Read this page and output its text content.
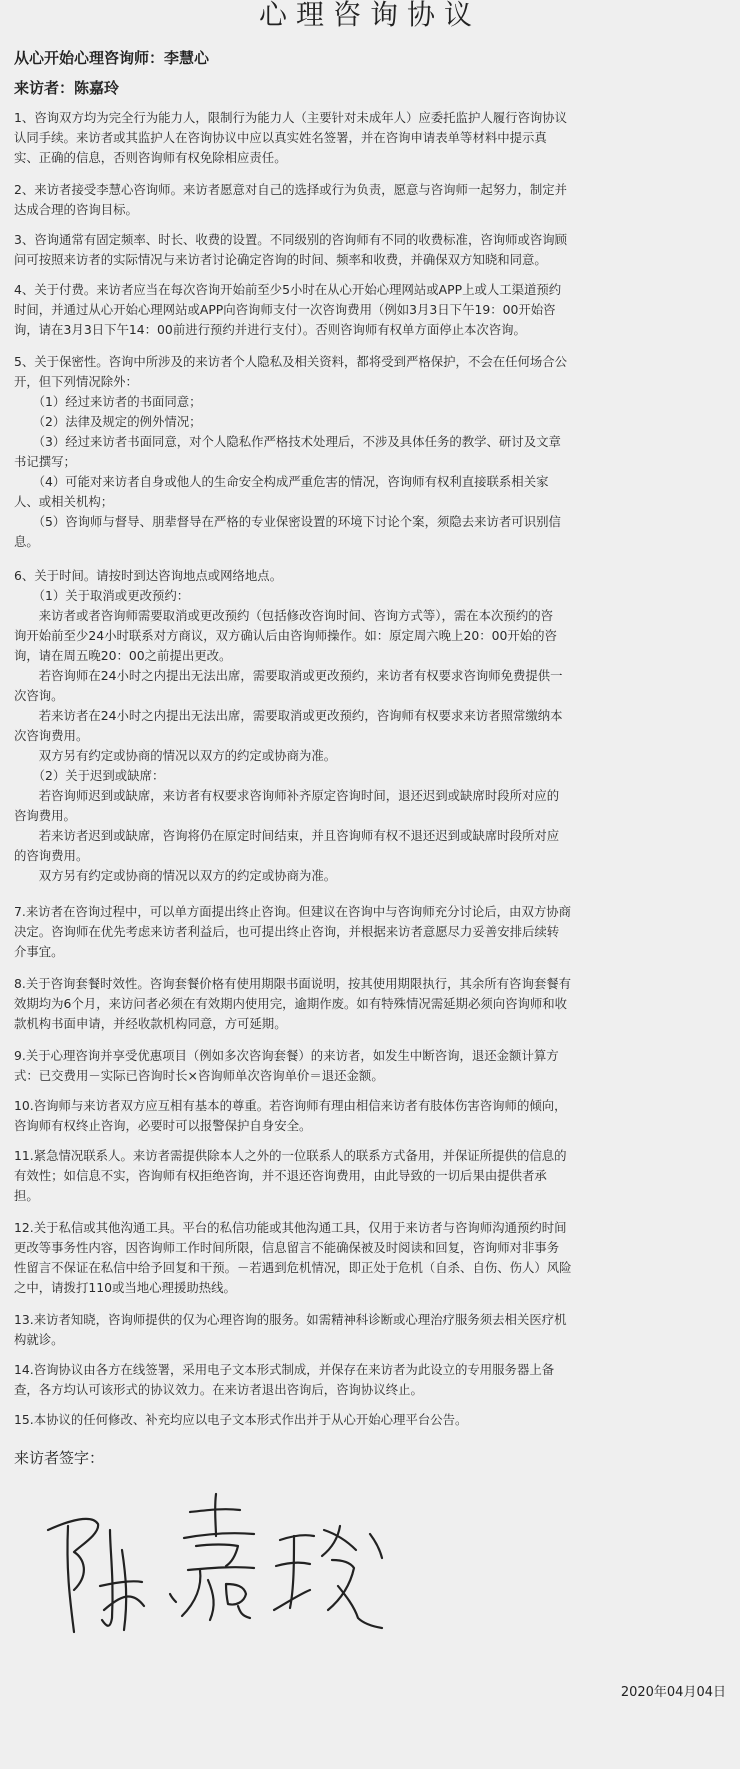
心理咨询协议
从心开始心理咨询师：李慧心
来访者：陈嘉玲
1、咨询双方均为完全行为能力人，限制行为能力人（主要针对未成年人）应委托监护人履行咨询协议
认同手续。来访者或其监护人在咨询协议中应以真实姓名签署，并在咨询申请表单等材料中提示真
实、正确的信息，否则咨询师有权免除相应责任。
2、来访者接受李慧心咨询师。来访者愿意对自己的选择或行为负责，愿意与咨询师一起努力，制定并
达成合理的咨询目标。
3、咨询通常有固定频率、时长、收费的设置。不同级别的咨询师有不同的收费标准，咨询师或咨询顾
问可按照来访者的实际情况与来访者讨论确定咨询的时间、频率和收费，并确保双方知晓和同意。
4、关于付费。来访者应当在每次咨询开始前至少5小时在从心开始心理网站或APP上或人工渠道预约
时间，并通过从心开始心理网站或APP向咨询师支付一次咨询费用（例如3月3日下午19：00开始咨
询，请在3月3日下午14：00前进行预约并进行支付）。否则咨询师有权单方面停止本次咨询。
5、关于保密性。咨询中所涉及的来访者个人隐私及相关资料，都将受到严格保护，不会在任何场合公
开，但下列情况除外：
　　（1）经过来访者的书面同意；
　　（2）法律及规定的例外情况；
　　（3）经过来访者书面同意，对个人隐私作严格技术处理后，不涉及具体任务的教学、研讨及文章
书记撰写；
　　（4）可能对来访者自身或他人的生命安全构成严重危害的情况，咨询师有权利直接联系相关家
人、或相关机构；
　　（5）咨询师与督导、朋辈督导在严格的专业保密设置的环境下讨论个案，须隐去来访者可识别信
息。
6、关于时间。请按时到达咨询地点或网络地点。
　　（1）关于取消或更改预约：
　　来访者或者咨询师需要取消或更改预约（包括修改咨询时间、咨询方式等），需在本次预约的咨
询开始前至少24小时联系对方商议，双方确认后由咨询师操作。如：原定周六晚上20：00开始的咨
询，请在周五晚20：00之前提出更改。
　　若咨询师在24小时之内提出无法出席，需要取消或更改预约，来访者有权要求咨询师免费提供一
次咨询。
　　若来访者在24小时之内提出无法出席，需要取消或更改预约，咨询师有权要求来访者照常缴纳本
次咨询费用。
　　双方另有约定或协商的情况以双方的约定或协商为准。
　　（2）关于迟到或缺席：
　　若咨询师迟到或缺席，来访者有权要求咨询师补齐原定咨询时间，退还迟到或缺席时段所对应的
咨询费用。
　　若来访者迟到或缺席，咨询将仍在原定时间结束，并且咨询师有权不退还迟到或缺席时段所对应
的咨询费用。
　　双方另有约定或协商的情况以双方的约定或协商为准。
7.来访者在咨询过程中，可以单方面提出终止咨询。但建议在咨询中与咨询师充分讨论后，由双方协商
决定。咨询师在优先考虑来访者利益后，也可提出终止咨询，并根据来访者意愿尽力妥善安排后续转
介事宜。
8.关于咨询套餐时效性。咨询套餐价格有使用期限书面说明，按其使用期限执行，其余所有咨询套餐有
效期均为6个月，来访问者必须在有效期内使用完，逾期作废。如有特殊情况需延期必须向咨询师和收
款机构书面申请，并经收款机构同意，方可延期。
9.关于心理咨询并享受优惠项目（例如多次咨询套餐）的来访者，如发生中断咨询，退还金额计算方
式：已交费用－实际已咨询时长×咨询师单次咨询单价＝退还金额。
10.咨询师与来访者双方应互相有基本的尊重。若咨询师有理由相信来访者有肢体伤害咨询师的倾向，
咨询师有权终止咨询，必要时可以报警保护自身安全。
11.紧急情况联系人。来访者需提供除本人之外的一位联系人的联系方式备用，并保证所提供的信息的
有效性；如信息不实，咨询师有权拒绝咨询，并不退还咨询费用，由此导致的一切后果由提供者承
担。
12.关于私信或其他沟通工具。平台的私信功能或其他沟通工具，仅用于来访者与咨询师沟通预约时间
更改等事务性内容，因咨询师工作时间所限，信息留言不能确保被及时阅读和回复，咨询师对非事务
性留言不保证在私信中给予回复和干预。－若遇到危机情况，即正处于危机（自杀、自伤、伤人）风险
之中，请拨打110或当地心理援助热线。
13.来访者知晓，咨询师提供的仅为心理咨询的服务。如需精神科诊断或心理治疗服务须去相关医疗机
构就诊。
14.咨询协议由各方在线签署，采用电子文本形式制成，并保存在来访者为此设立的专用服务器上备
查，各方均认可该形式的协议效力。在来访者退出咨询后，咨询协议终止。
15.本协议的任何修改、补充均应以电子文本形式作出并于从心开始心理平台公告。
来访者签字：
2020年04月04日
